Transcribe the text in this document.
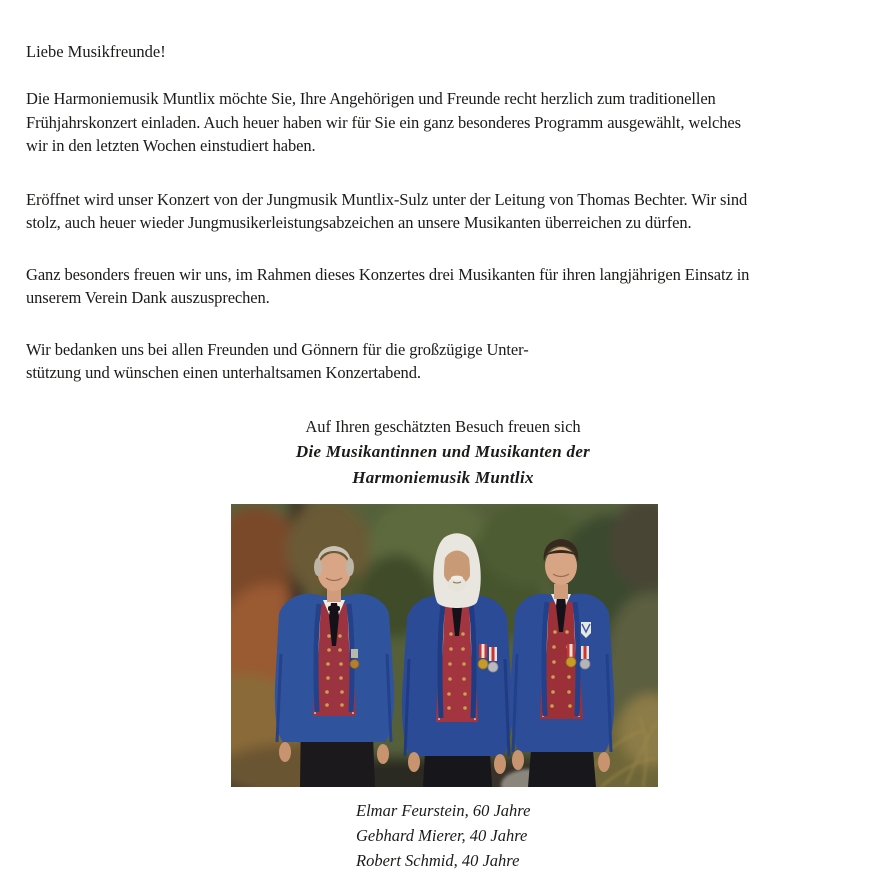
Liebe Musikfreunde!

Die Harmoniemusik Muntlix möchte Sie, Ihre Angehörigen und Freunde recht herzlich zum traditionellen
Frühjahrskonzert einladen. Auch heuer haben wir für Sie ein ganz besonderes Programm ausgewählt, welches
wir in den letzten Wochen einstudiert haben.

Eröffnet wird unser Konzert von der Jungmusik Muntlix-Sulz unter der Leitung von Thomas Bechter. Wir sind
stolz, auch heuer wieder Jungmusikerleistungsabzeichen an unsere Musikanten überreichen zu dürfen.

Ganz besonders freuen wir uns, im Rahmen dieses Konzertes drei Musikanten für ihren langjährigen Einsatz in
unserem Verein Dank auszusprechen.

Wir bedanken uns bei allen Freunden und Gönnern für die großzügige Unter-
stützung und wünschen einen unterhaltsamen Konzertabend.

Auf Ihren geschätzten Besuch freuen sich
Die Musikantinnen und Musikanten der
Harmoniemusik Muntlix
Elmar Feurstein, 60 Jahre
Gebhard Mierer, 40 Jahre
Robert Schmid, 40 Jahre
